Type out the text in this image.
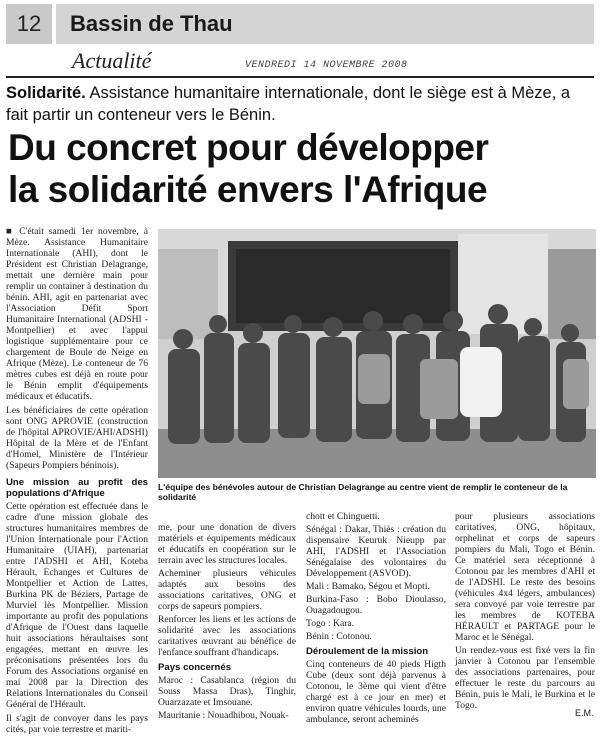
12	Bassin de Thau
Actualité	VENDREDI 14 NOVEMBRE 2008
Solidarité. Assistance humanitaire internationale, dont le siège est à Mèze, a fait partir un conteneur vers le Bénin.
Du concret pour développer
la solidarité envers l'Afrique

■ C'était samedi 1er novembre, à Mèze. Assistance Humanitaire Internationale (AHI), dont le Président est Christian Delagrange, mettait une dernière main pour remplir un container à destination du bénin. AHI, agit en partenariat avec l'Association Défit Sport Humanitaire International (ADSHI - Montpellier) et avec l'appui logistique supplémentaire pour ce chargement de Boule de Neige en Afrique (Mèze). Le conteneur de 76 mètres cubes est déjà en route pour le Bénin emplit d'équipements médicaux et éducatifs.

Les bénéficiaires de cette opération sont ONG APROVIE (construction de l'hôpital APROVIE/AHI/ADSHI) Hôpital de la Mère et de l'Enfant d'Homel, Ministère de l'Intérieur (Sapeurs Pompiers béninois).

Une mission au profit des populations d'Afrique

Cette opération est effectuée dans le cadre d'une mission globale des structures humanitaires membres de l'Union Internationale pour l'Action Humanitaire (UIAH), partenariat entre l'ADSHI et AHI, Koteba Hérault, Echanges et Cultures de Montpellier et Action de Lattes, Burkina PK de Béziers, Partage de Murviel lès Montpellier. Mission importante au profit des populations d'Afrique de l'Ouest dans laquelle huit associations héraultaises sont engagées, mettant en œuvre les préconisations présentées lors du Forum des Associations organisé en mai 2008 par la Direction des Relations Internationales du Conseil Général de l'Hérault.

Il s'agit de convoyer dans les pays cités, par voie terrestre et mariti-

L'équipe des bénévoles autour de Christian Delagrange au centre vient de remplir le conteneur de la solidarité

me, pour une donation de divers matériels et équipements médicaux et éducatifs en coopération sur le terrain avec les structures locales.

Acheminer plusieurs véhicules adaptés aux besoins des associations caritatives, ONG et corps de sapeurs pompiers.

Renforcer les liens et les actions de solidarité avec les associations caritatives œuvrant au bénéfice de l'enfance souffrant d'handicaps.

Pays concernés

Maroc : Casablanca (région du Souss Massa Dras), Tinghir, Ouarzazate et Imsouane.

Mauritanie : Nouadhibou, Nouak-

chott et Chinguetti.

Sénégal : Dakar, Thiès : création du dispensaire Keuruk Nieupp par AHI, l'ADSHI et l'Association Sénégalaise des volontaires du Développement (ASVOD).

Mali : Bamako, Ségou et Mopti.

Burkina-Faso : Bobo Dioulasso, Ouagadougou.

Togo : Kara.

Bénin : Cotonou.

Déroulement de la mission

Cinq conteneurs de 40 pieds Higth Cube (deux sont déjà parvenus à Cotonou, le 3ème qui vient d'être chargé est à ce jour en mer) et environ quatre véhicules lourds, une ambulance, seront acheminés

pour plusieurs associations caritatives, ONG, hôpitaux, orphelinat et corps de sapeurs pompiers du Mali, Togo et Bénin. Ce matériel sera réceptionné à Cotonou par les membres d'AHI et de l'ADSHI. Le reste des besoins (véhicules 4x4 légers, ambulances) sera convoyé par voie terrestre par les membres de KOTEBA HÉRAULT et PARTAGE pour le Maroc et le Sénégal.

Un rendez-vous est fixé vers la fin janvier à Cotonou par l'ensemble des associations partenaires, pour effectuer le reste du parcours au Bénin, puis le Mali, le Burkina et le Togo.

E.M.
